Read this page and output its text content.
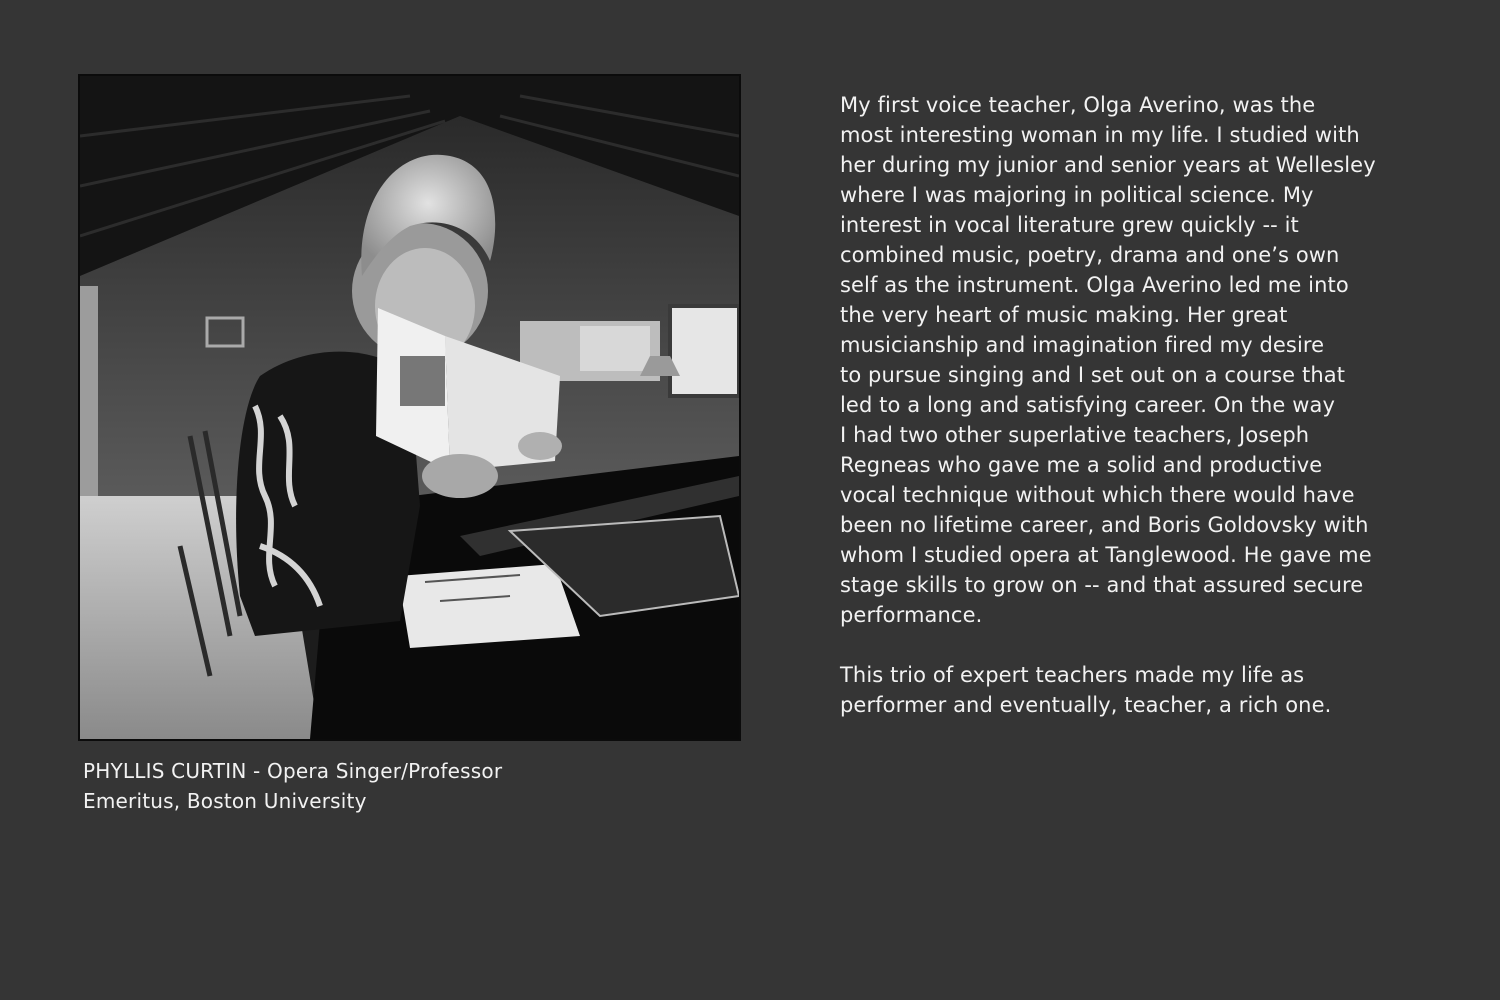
PHYLLIS CURTIN - Opera Singer/Professor
Emeritus, Boston University
My first voice teacher, Olga Averino, was the
most interesting woman in my life. I studied with
her during my junior and senior years at Wellesley
where I was majoring in political science. My
interest in vocal literature grew quickly -- it
combined music, poetry, drama and one’s own
self as the instrument. Olga Averino led me into
the very heart of music making. Her great
musicianship and imagination fired my desire
to pursue singing and I set out on a course that
led to a long and satisfying career. On the way
I had two other superlative teachers, Joseph
Regneas who gave me a solid and productive
vocal technique without which there would have
been no lifetime career, and Boris Goldovsky with
whom I studied opera at Tanglewood. He gave me
stage skills to grow on -- and that assured secure
performance.
This trio of expert teachers made my life as
performer and eventually, teacher, a rich one.
